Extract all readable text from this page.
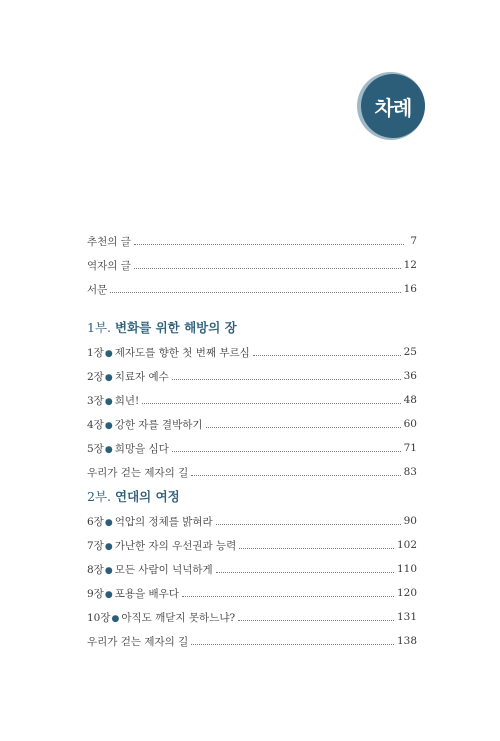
차례
추천의 글	7
역자의 글	12
서문	16
1부. 변화를 위한 해방의 장
1장● 제자도를 향한 첫 번째 부르심	25
2장● 치료자 예수	36
3장● 희년!	48
4장● 강한 자를 결박하기	60
5장● 희망을 심다	71
우리가 걷는 제자의 길	83
2부. 연대의 여정
6장● 억압의 정체를 밝혀라	90
7장● 가난한 자의 우선권과 능력	102
8장● 모든 사람이 넉넉하게	110
9장● 포용을 배우다	120
10장● 아직도 깨닫지 못하느냐?	131
우리가 걷는 제자의 길	138
